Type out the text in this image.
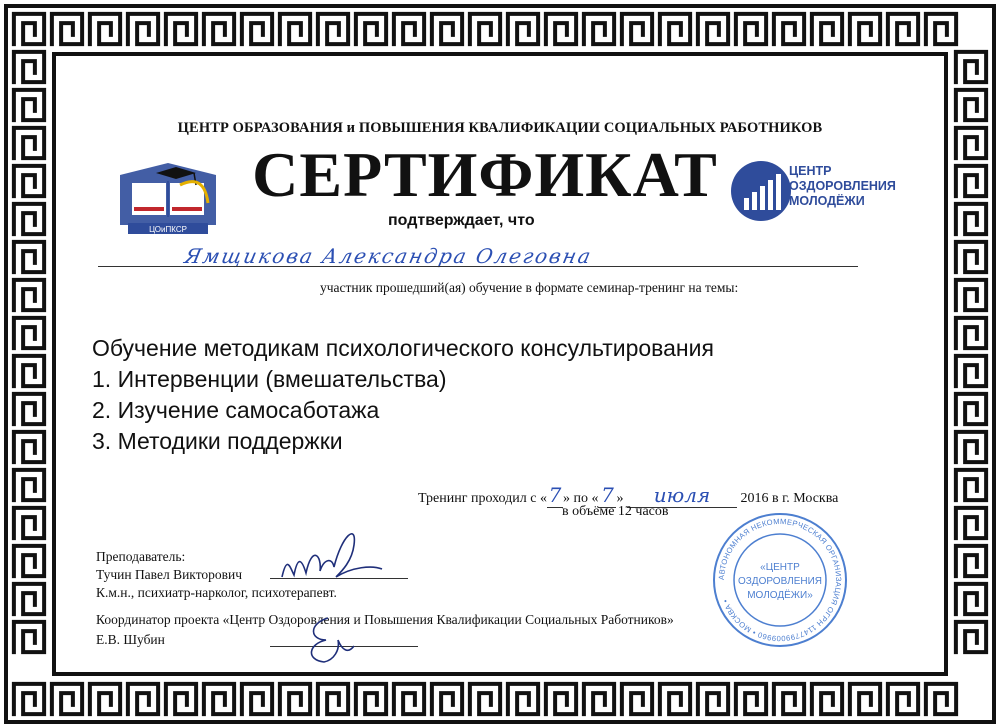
ЦЕНТР ОБРАЗОВАНИЯ и ПОВЫШЕНИЯ КВАЛИФИКАЦИИ СОЦИАЛЬНЫХ РАБОТНИКОВ
ЦОиПКСР
СЕРТИФИКАТ	ЦЕНТР
ОЗДОРОВЛЕНИЯ
МОЛОДЁЖИ
подтверждает, что
Ямщикова Александра Олеговна
участник прошедший(ая) обучение в формате семинар-тренинг на темы:
Обучение методикам психологического консультирования
1. Интервенции (вмешательства)
2. Изучение самосаботажа
3. Методики поддержки
Тренинг проходил с «7 » по « 7 » июля 2016 в г. Москва
в объёме 12 часов
Преподаватель:
Тучин Павел Викторович
К.м.н., психиатр-нарколог, психотерапевт.
Координатор проекта «Центр Оздоровления и Повышения Квалификации Социальных Работников»
Е.В. Шубин
АВТОНОМНАЯ НЕКОММЕРЧЕСКАЯ ОРГАНИЗАЦИЯ ОГРН 1147799009960 • МОСКВА •
«ЦЕНТР
ОЗДОРОВЛЕНИЯ
МОЛОДЁЖИ»
